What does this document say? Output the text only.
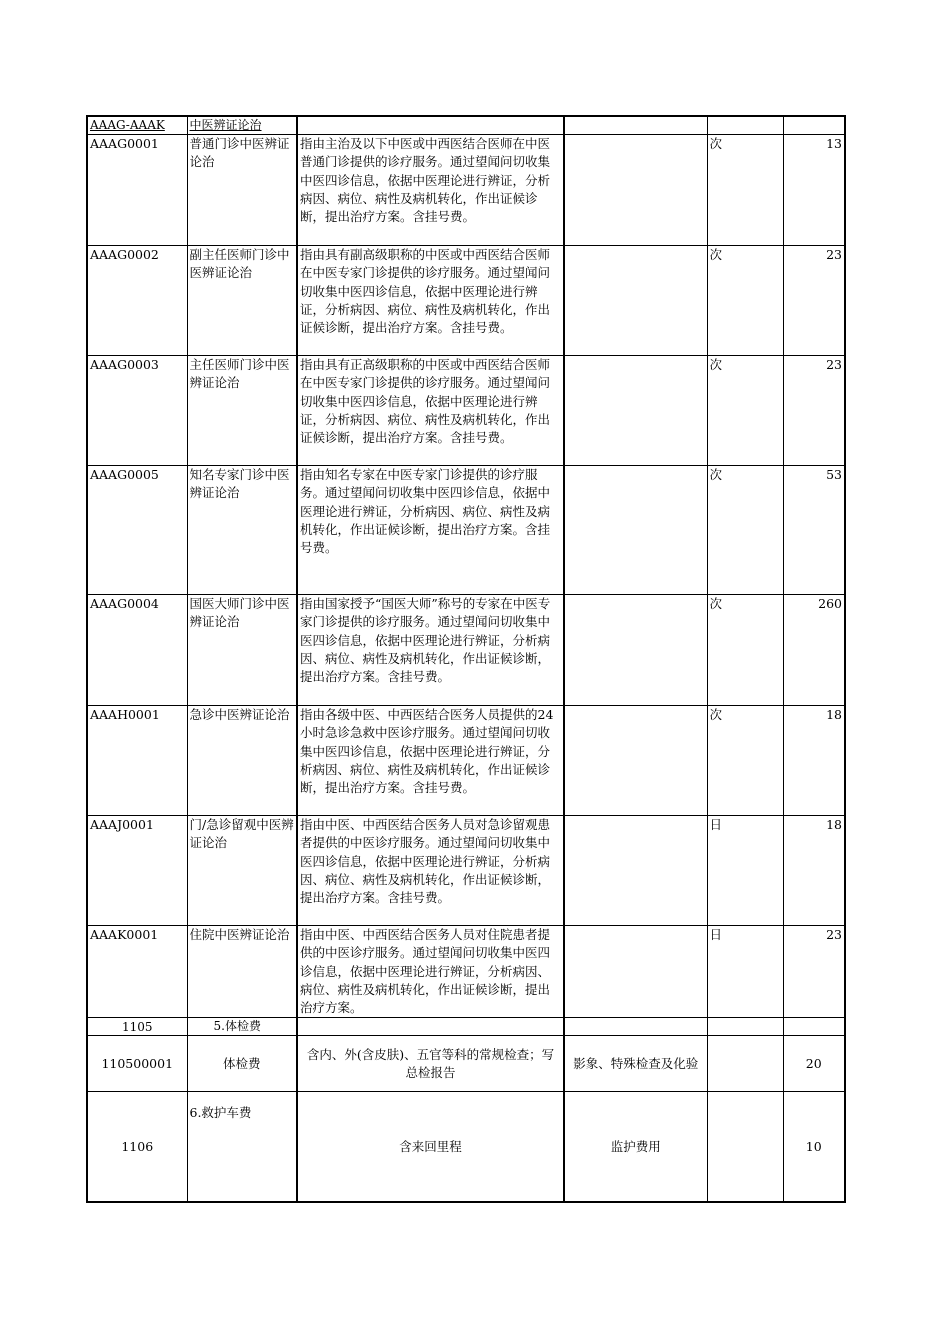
AAAG-AAAK	中医辨证论治				
AAAG0001	普通门诊中医辨证论治	指由主治及以下中医或中西医结合医师在中医普通门诊提供的诊疗服务。通过望闻问切收集中医四诊信息，依据中医理论进行辨证，分析病因、病位、病性及病机转化，作出证候诊断，提出治疗方案。含挂号费。		次	13
AAAG0002	副主任医师门诊中医辨证论治	指由具有副高级职称的中医或中西医结合医师在中医专家门诊提供的诊疗服务。通过望闻问切收集中医四诊信息，依据中医理论进行辨证，分析病因、病位、病性及病机转化，作出证候诊断，提出治疗方案。含挂号费。		次	23
AAAG0003	主任医师门诊中医辨证论治	指由具有正高级职称的中医或中西医结合医师在中医专家门诊提供的诊疗服务。通过望闻问切收集中医四诊信息，依据中医理论进行辨证，分析病因、病位、病性及病机转化，作出证候诊断，提出治疗方案。含挂号费。		次	23
AAAG0005	知名专家门诊中医辨证论治	指由知名专家在中医专家门诊提供的诊疗服务。通过望闻问切收集中医四诊信息，依据中医理论进行辨证，分析病因、病位、病性及病机转化，作出证候诊断，提出治疗方案。含挂号费。		次	53
AAAG0004	国医大师门诊中医辨证论治	指由国家授予“国医大师”称号的专家在中医专家门诊提供的诊疗服务。通过望闻问切收集中医四诊信息，依据中医理论进行辨证，分析病因、病位、病性及病机转化，作出证候诊断，提出治疗方案。含挂号费。		次	260
AAAH0001	急诊中医辨证论治	指由各级中医、中西医结合医务人员提供的24小时急诊急救中医诊疗服务。通过望闻问切收集中医四诊信息，依据中医理论进行辨证，分析病因、病位、病性及病机转化，作出证候诊断，提出治疗方案。含挂号费。		次	18
AAAJ0001	门/急诊留观中医辨证论治	指由中医、中西医结合医务人员对急诊留观患者提供的中医诊疗服务。通过望闻问切收集中医四诊信息，依据中医理论进行辨证，分析病因、病位、病性及病机转化，作出证候诊断，提出治疗方案。含挂号费。		日	18
AAAK0001	住院中医辨证论治	指由中医、中西医结合医务人员对住院患者提供的中医诊疗服务。通过望闻问切收集中医四诊信息，依据中医理论进行辨证，分析病因、病位、病性及病机转化，作出证候诊断，提出治疗方案。		日	23
1105	5.体检费				
110500001	体检费	含内、外(含皮肤)、五官等科的常规检查；写总检报告	影象、特殊检查及化验		20
1106	6.救护车费	含来回里程	监护费用		10
